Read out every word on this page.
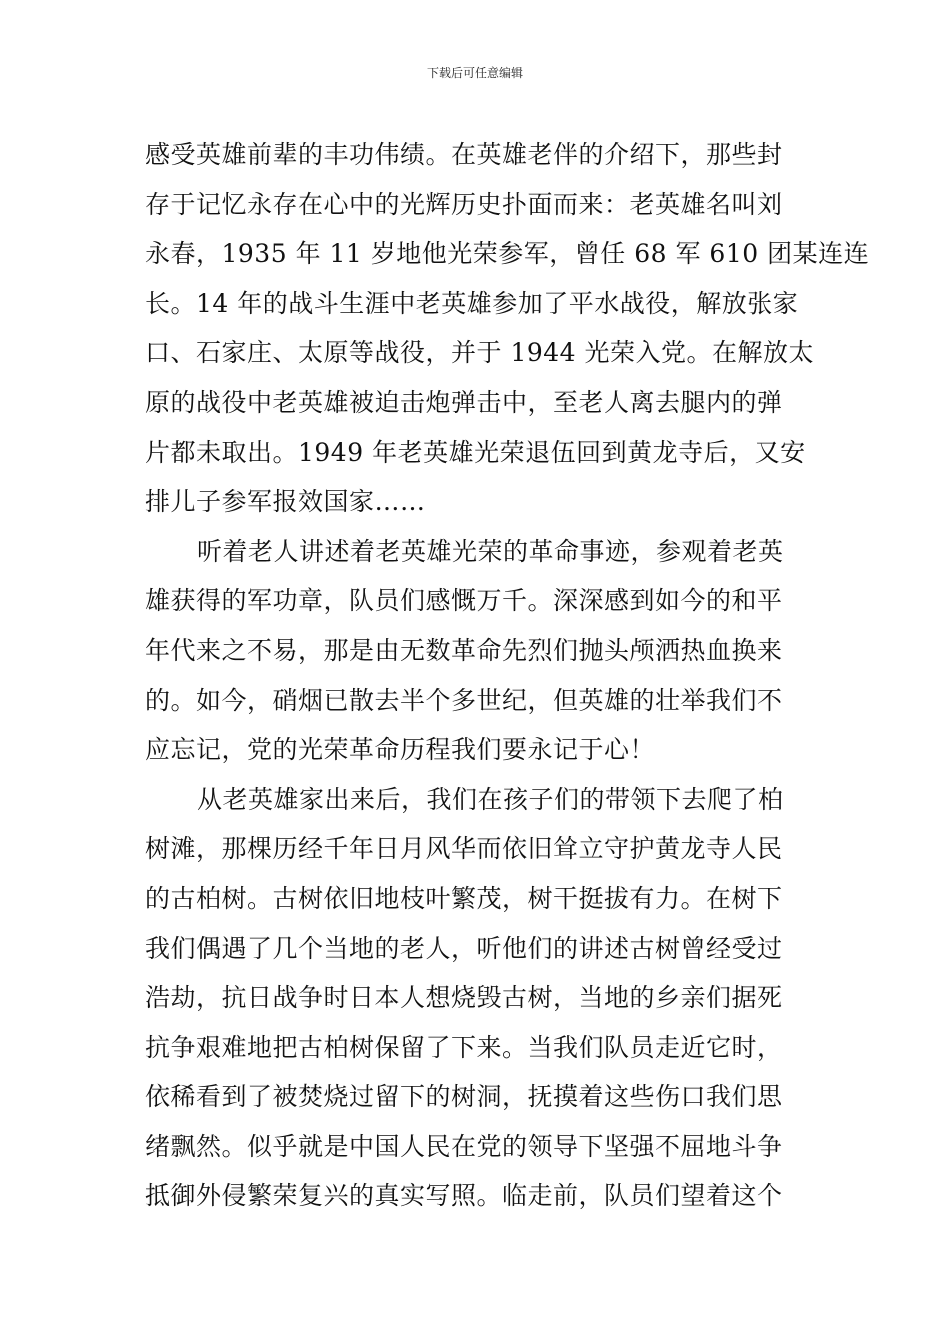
下载后可任意编辑
感受英雄前辈的丰功伟绩。在英雄老伴的介绍下，那些封
存于记忆永存在心中的光辉历史扑面而来：老英雄名叫刘
永春，1935 年 11 岁地他光荣参军，曾任 68 军 610 团某连连
长。14 年的战斗生涯中老英雄参加了平水战役，解放张家
口、石家庄、太原等战役，并于 1944 光荣入党。在解放太
原的战役中老英雄被迫击炮弹击中，至老人离去腿内的弹
片都未取出。1949 年老英雄光荣退伍回到黄龙寺后，又安
排儿子参军报效国家……
听着老人讲述着老英雄光荣的革命事迹，参观着老英
雄获得的军功章，队员们感慨万千。深深感到如今的和平
年代来之不易，那是由无数革命先烈们抛头颅洒热血换来
的。如今，硝烟已散去半个多世纪，但英雄的壮举我们不
应忘记，党的光荣革命历程我们要永记于心！
从老英雄家出来后，我们在孩子们的带领下去爬了柏
树滩，那棵历经千年日月风华而依旧耸立守护黄龙寺人民
的古柏树。古树依旧地枝叶繁茂，树干挺拔有力。在树下
我们偶遇了几个当地的老人，听他们的讲述古树曾经受过
浩劫，抗日战争时日本人想烧毁古树，当地的乡亲们据死
抗争艰难地把古柏树保留了下来。当我们队员走近它时，
依稀看到了被焚烧过留下的树洞，抚摸着这些伤口我们思
绪飘然。似乎就是中国人民在党的领导下坚强不屈地斗争
抵御外侵繁荣复兴的真实写照。临走前，队员们望着这个
